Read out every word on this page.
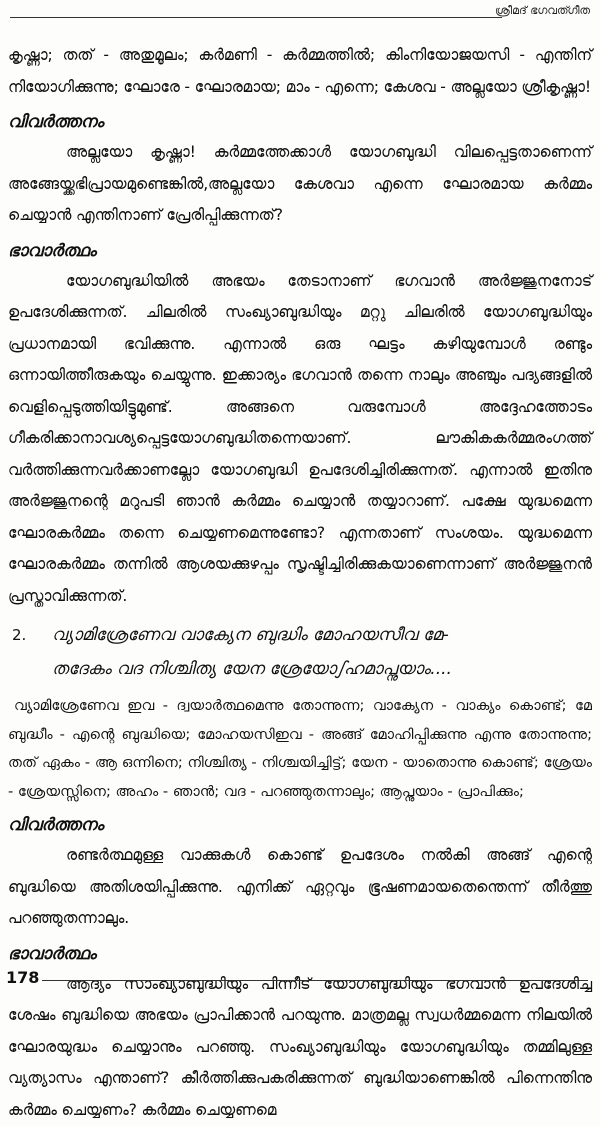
ശ്രീമദ് ഭഗവത്ഗീത

കൃഷ്ണാ; തത് - അതുമൂലം; കർമണി - കർമ്മത്തിൽ; കിംനിയോജയസി - എന്തിന് നിയോഗിക്കുന്നു; ഘോരേ - ഘോരമായ; മാം - എന്നെ; കേശവ - അല്ലയോ ശ്രീകൃഷ്ണാ!

വിവർത്തനം

അല്ലയോ കൃഷ്ണാ! കർമ്മത്തേക്കാൾ യോഗബുദ്ധി വിലപ്പെട്ടതാണെന്ന് അങ്ങേയ്ക്കഭിപ്രായമുണ്ടെങ്കിൽ,അല്ലയോ കേശവാ എന്നെ ഘോരമായ കർമ്മം ചെയ്യാൻ എന്തിനാണ് പ്രേരിപ്പിക്കുന്നത്?

ഭാവാർത്ഥം

യോഗബുദ്ധിയിൽ അഭയം തേടാനാണ് ഭഗവാൻ അർജ്ജുനനോട് ഉപദേശിക്കുന്നത്. ചിലരിൽ സംഖ്യാബുദ്ധിയും മറ്റു ചിലരിൽ യോഗബുദ്ധിയും പ്രധാനമായി ഭവിക്കുന്നു. എന്നാൽ ഒരു ഘട്ടം കഴിയുമ്പോൾ രണ്ടും ഒന്നായിത്തീരുകയും ചെയ്യുന്നു. ഇക്കാര്യം ഭഗവാൻ തന്നെ നാലും അഞ്ചും പദ്യങ്ങളിൽ വെളിപ്പെടുത്തിയിട്ടുമുണ്ട്. അങ്ങനെ വരുമ്പോൾ അദ്ദേഹത്തോടം ഗീകരിക്കാനാവശ്യപ്പെട്ടയോഗബുദ്ധിതന്നെയാണ്. ലൗകികകർമ്മരംഗത്ത് വർത്തിക്കുന്നവർക്കാണല്ലോ യോഗബുദ്ധി ഉപദേശിച്ചിരിക്കുന്നത്. എന്നാൽ ഇതിനു അർജ്ജുനന്റെ മറുപടി ഞാൻ കർമ്മം ചെയ്യാൻ തയ്യാറാണ്. പക്ഷേ യുദ്ധമെന്ന ഘോരകർമ്മം തന്നെ ചെയ്യണമെന്നുണ്ടോ? എന്നതാണ് സംശയം. യുദ്ധമെന്ന ഘോരകർമ്മം തന്നിൽ ആശയക്കുഴപ്പം സൃഷ്ടിച്ചിരിക്കുകയാണെന്നാണ് അർജ്ജുനൻ പ്രസ്താവിക്കുന്നത്.

2.	വ്യാമിശ്രേണേവ വാക്യേന ബുദ്ധിം മോഹയസീവ മേ-
തദേകം വദ നിശ്ചിത്യ യേന ശ്രേയോഽഹമാപ്നുയാം....

വ്യാമിശ്രേണേവ ഇവ - ദ്വയാർത്ഥമെന്നു തോന്നുന്ന; വാക്യേന - വാക്യം കൊണ്ട്; മേ ബുദ്ധീം - എന്റെ ബുദ്ധിയെ; മോഹയസിഇവ - അങ്ങ് മോഹിപ്പിക്കുന്നു എന്നു തോന്നുന്നു; തത് ഏകം - ആ ഒന്നിനെ; നിശ്ചിത്യ - നിശ്ചയിച്ചിട്ട്; യേന - യാതൊന്നു കൊണ്ട്; ശ്രേയം - ശ്രേയസ്സിനെ; അഹം - ഞാൻ; വദ - പറഞ്ഞുതന്നാലും; ആപ്നുയാം - പ്രാപിക്കും;

വിവർത്തനം

രണ്ടർത്ഥമുള്ള വാക്കുകൾ കൊണ്ട് ഉപദേശം നൽകി അങ്ങ് എന്റെ ബുദ്ധിയെ അതിശയിപ്പിക്കുന്നു. എനിക്ക് ഏറ്റവും ഭൂഷണമായതെന്തെന്ന് തീർത്തു പറഞ്ഞുതന്നാലും.

ഭാവാർത്ഥം

ആദ്യം സാംഖ്യാബുദ്ധിയും പിന്നീട് യോഗബുദ്ധിയും ഭഗവാൻ ഉപദേശിച്ച ശേഷം ബുദ്ധിയെ അഭയം പ്രാപിക്കാൻ പറയുന്നു. മാത്രമല്ല സ്വധർമ്മമെന്ന നിലയിൽ ഘോരയുദ്ധം ചെയ്യാനും പറഞ്ഞു. സംഖ്യാബുദ്ധിയും യോഗബുദ്ധിയും തമ്മിലുള്ള വ്യത്യാസം എന്താണ്? കീർത്തിക്കുപകരിക്കുന്നത് ബുദ്ധിയാണെങ്കിൽ പിന്നെന്തിനു കർമ്മം ചെയ്യണം? കർമ്മം ചെയ്യണമെ

178
